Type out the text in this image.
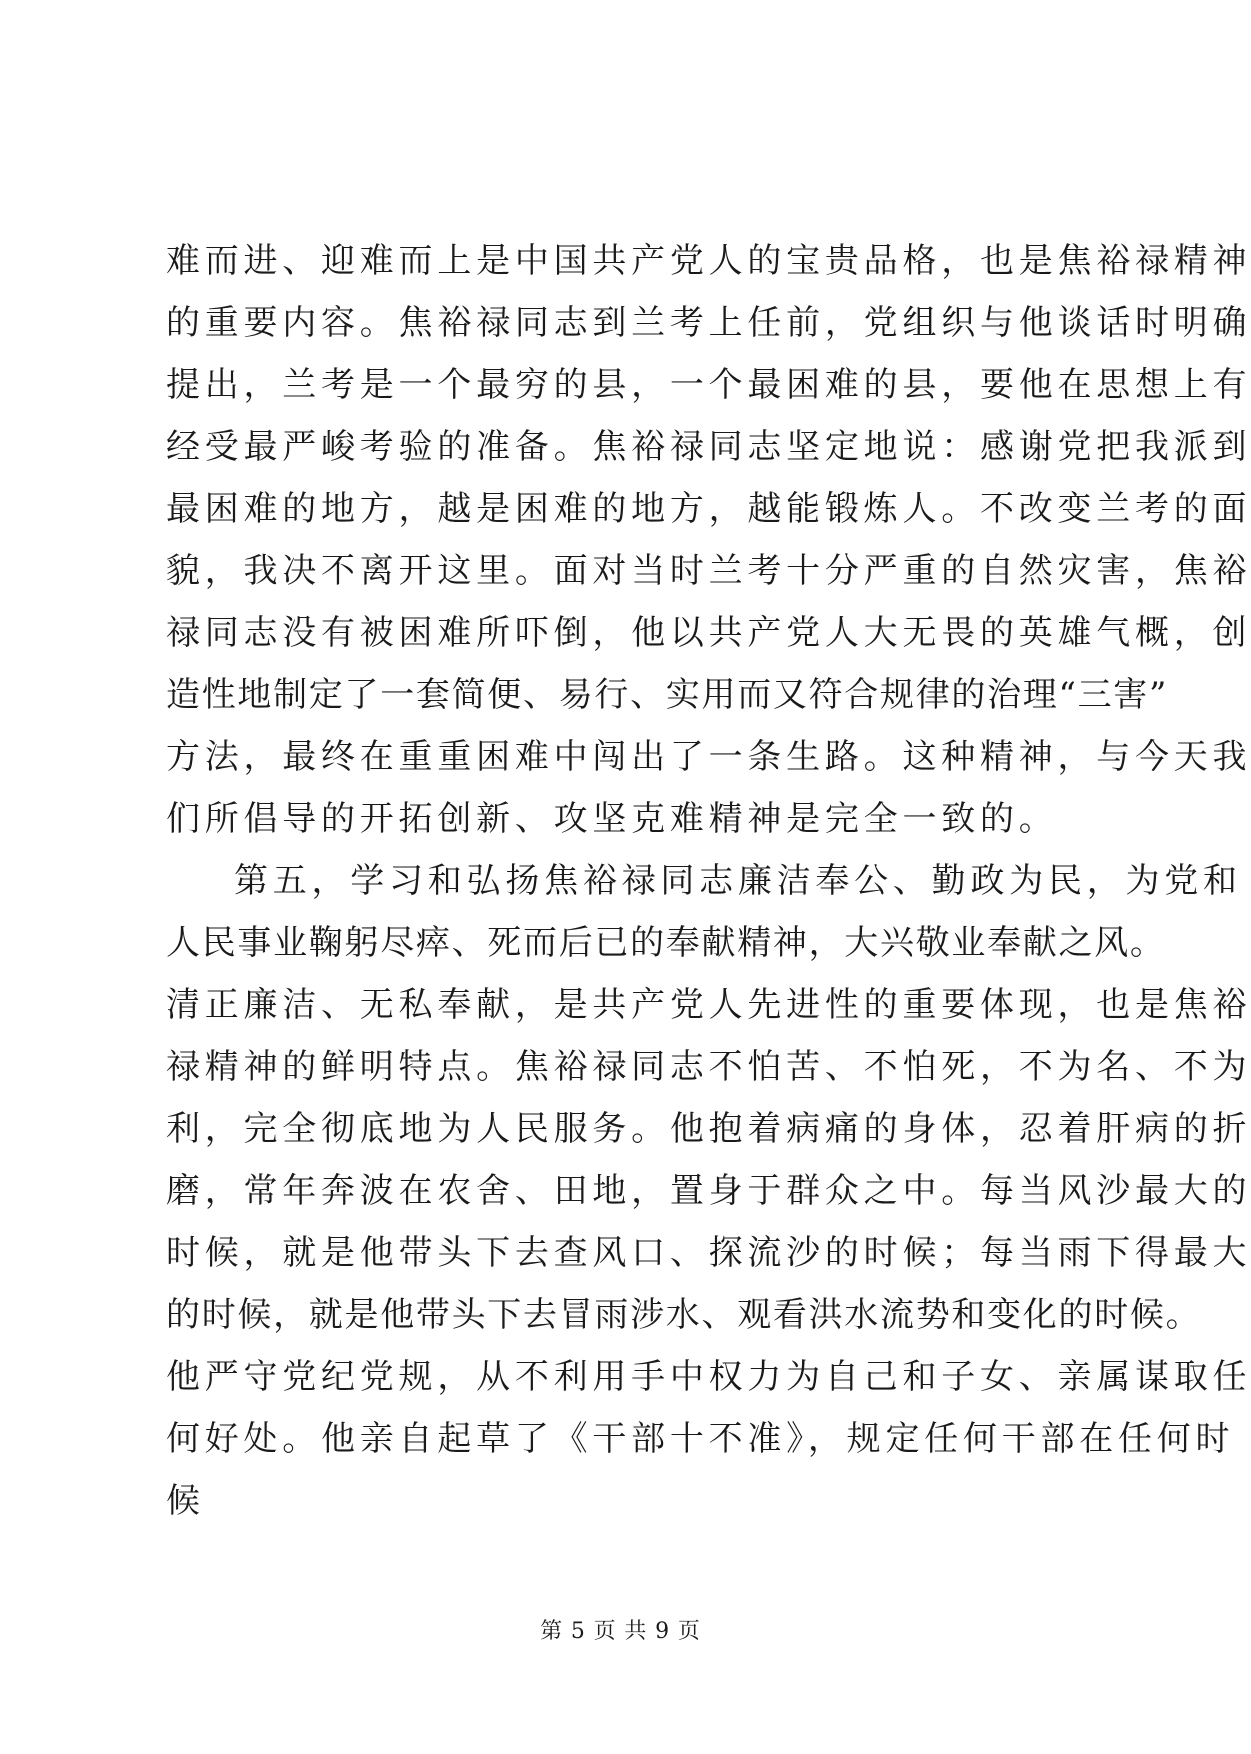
难而进、迎难而上是中国共产党人的宝贵品格，也是焦裕禄精神
的重要内容。焦裕禄同志到兰考上任前，党组织与他谈话时明确
提出，兰考是一个最穷的县，一个最困难的县，要他在思想上有
经受最严峻考验的准备。焦裕禄同志坚定地说：感谢党把我派到
最困难的地方，越是困难的地方，越能锻炼人。不改变兰考的面
貌，我决不离开这里。面对当时兰考十分严重的自然灾害，焦裕
禄同志没有被困难所吓倒，他以共产党人大无畏的英雄气概，创
造性地制定了一套简便、易行、实用而又符合规律的治理“三害”
方法，最终在重重困难中闯出了一条生路。这种精神，与今天我
们所倡导的开拓创新、攻坚克难精神是完全一致的。
第五，学习和弘扬焦裕禄同志廉洁奉公、勤政为民，为党和
人民事业鞠躬尽瘁、死而后已的奉献精神，大兴敬业奉献之风。
清正廉洁、无私奉献，是共产党人先进性的重要体现，也是焦裕
禄精神的鲜明特点。焦裕禄同志不怕苦、不怕死，不为名、不为
利，完全彻底地为人民服务。他抱着病痛的身体，忍着肝病的折
磨，常年奔波在农舍、田地，置身于群众之中。每当风沙最大的
时候，就是他带头下去查风口、探流沙的时候；每当雨下得最大
的时候，就是他带头下去冒雨涉水、观看洪水流势和变化的时候。
他严守党纪党规，从不利用手中权力为自己和子女、亲属谋取任
何好处。他亲自起草了《干部十不准》，规定任何干部在任何时
候
第 5 页 共 9 页
